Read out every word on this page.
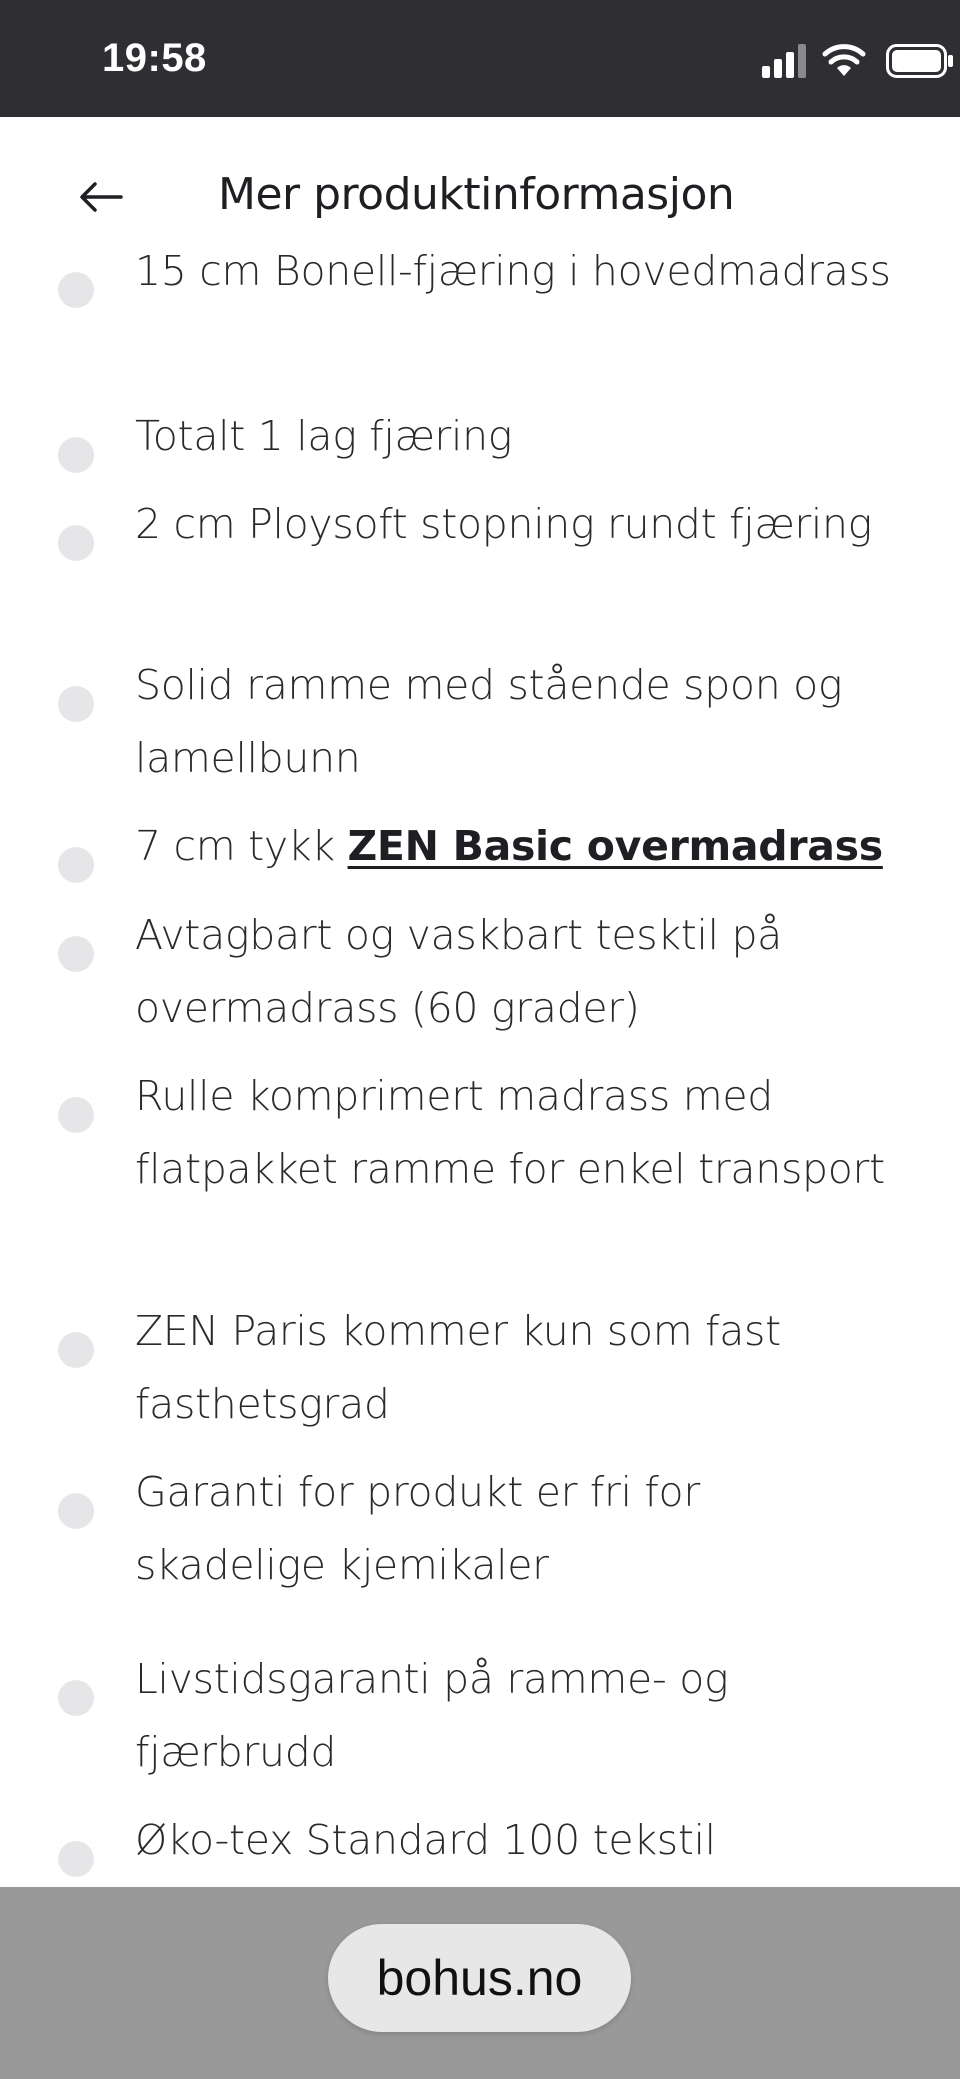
19:58
Mer produktinformasjon
15 cm Bonell-fjæring i hovedmadrass
Totalt 1 lag fjæring
2 cm Ploysoft stopning rundt fjæring
Solid ramme med stående spon og lamellbunn
7 cm tykk ZEN Basic overmadrass
Avtagbart og vaskbart tesktil på overmadrass (60 grader)
Rulle komprimert madrass med flatpakket ramme for enkel transport
ZEN Paris kommer kun som fast fasthetsgrad
Garanti for produkt er fri for skadelige kjemikaler
Livstidsgaranti på ramme- og fjærbrudd
Øko-tex Standard 100 tekstil
bohus.no
